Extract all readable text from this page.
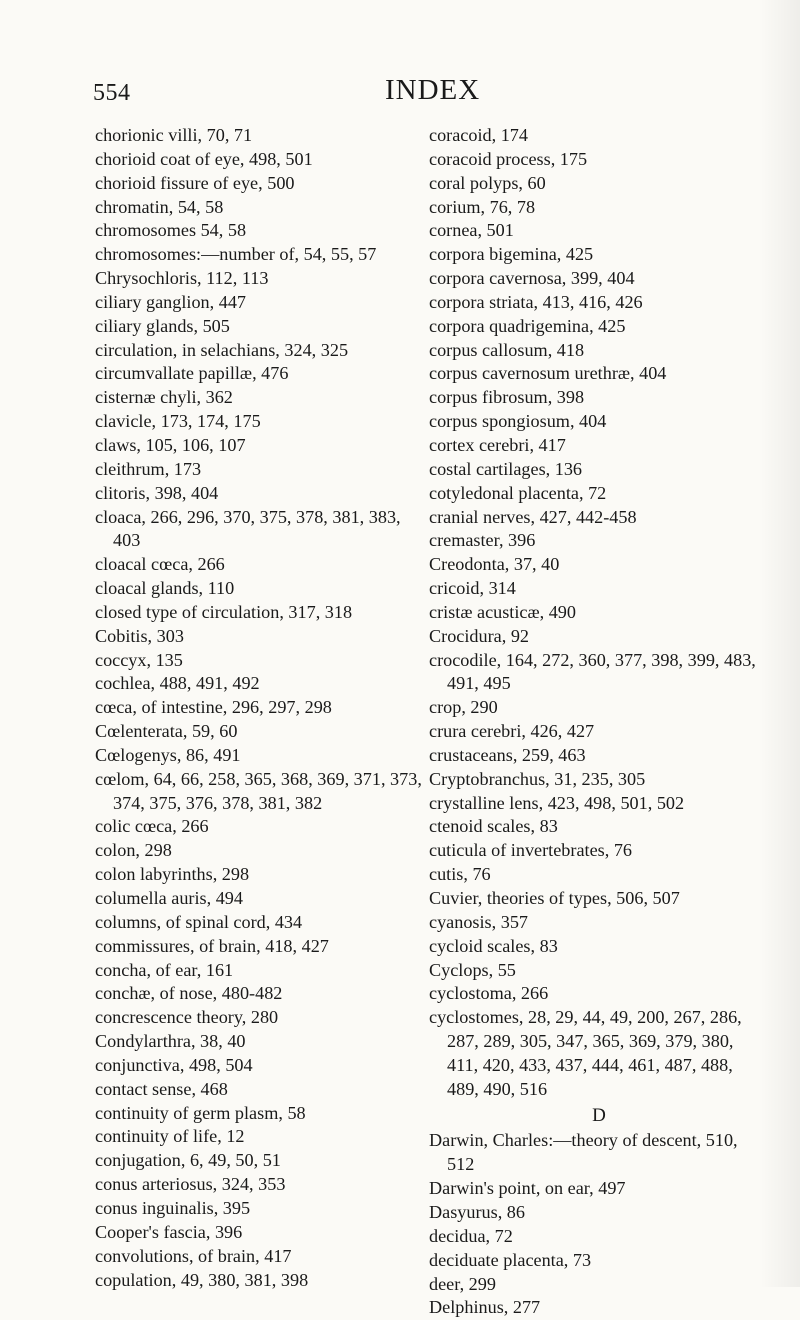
554	INDEX
chorionic villi, 70, 71
chorioid coat of eye, 498, 501
chorioid fissure of eye, 500
chromatin, 54, 58
chromosomes 54, 58
chromosomes:—number of, 54, 55, 57
Chrysochloris, 112, 113
ciliary ganglion, 447
ciliary glands, 505
circulation, in selachians, 324, 325
circumvallate papillæ, 476
cisternæ chyli, 362
clavicle, 173, 174, 175
claws, 105, 106, 107
cleithrum, 173
clitoris, 398, 404
cloaca, 266, 296, 370, 375, 378, 381, 383, 403
cloacal cœca, 266
cloacal glands, 110
closed type of circulation, 317, 318
Cobitis, 303
coccyx, 135
cochlea, 488, 491, 492
cœca, of intestine, 296, 297, 298
Cœlenterata, 59, 60
Cœlogenys, 86, 491
cœlom, 64, 66, 258, 365, 368, 369, 371, 373, 374, 375, 376, 378, 381, 382
colic cœca, 266
colon, 298
colon labyrinths, 298
columella auris, 494
columns, of spinal cord, 434
commissures, of brain, 418, 427
concha, of ear, 161
conchæ, of nose, 480-482
concrescence theory, 280
Condylarthra, 38, 40
conjunctiva, 498, 504
contact sense, 468
continuity of germ plasm, 58
continuity of life, 12
conjugation, 6, 49, 50, 51
conus arteriosus, 324, 353
conus inguinalis, 395
Cooper's fascia, 396
convolutions, of brain, 417
copulation, 49, 380, 381, 398
coracoid, 174
coracoid process, 175
coral polyps, 60
corium, 76, 78
cornea, 501
corpora bigemina, 425
corpora cavernosa, 399, 404
corpora striata, 413, 416, 426
corpora quadrigemina, 425
corpus callosum, 418
corpus cavernosum urethræ, 404
corpus fibrosum, 398
corpus spongiosum, 404
cortex cerebri, 417
costal cartilages, 136
cotyledonal placenta, 72
cranial nerves, 427, 442-458
cremaster, 396
Creodonta, 37, 40
cricoid, 314
cristæ acusticæ, 490
Crocidura, 92
crocodile, 164, 272, 360, 377, 398, 399, 483, 491, 495
crop, 290
crura cerebri, 426, 427
crustaceans, 259, 463
Cryptobranchus, 31, 235, 305
crystalline lens, 423, 498, 501, 502
ctenoid scales, 83
cuticula of invertebrates, 76
cutis, 76
Cuvier, theories of types, 506, 507
cyanosis, 357
cycloid scales, 83
Cyclops, 55
cyclostoma, 266
cyclostomes, 28, 29, 44, 49, 200, 267, 286, 287, 289, 305, 347, 365, 369, 379, 380, 411, 420, 433, 437, 444, 461, 487, 488, 489, 490, 516
D
Darwin, Charles:—theory of descent, 510, 512
Darwin's point, on ear, 497
Dasyurus, 86
decidua, 72
deciduate placenta, 73
deer, 299
Delphinus, 277
